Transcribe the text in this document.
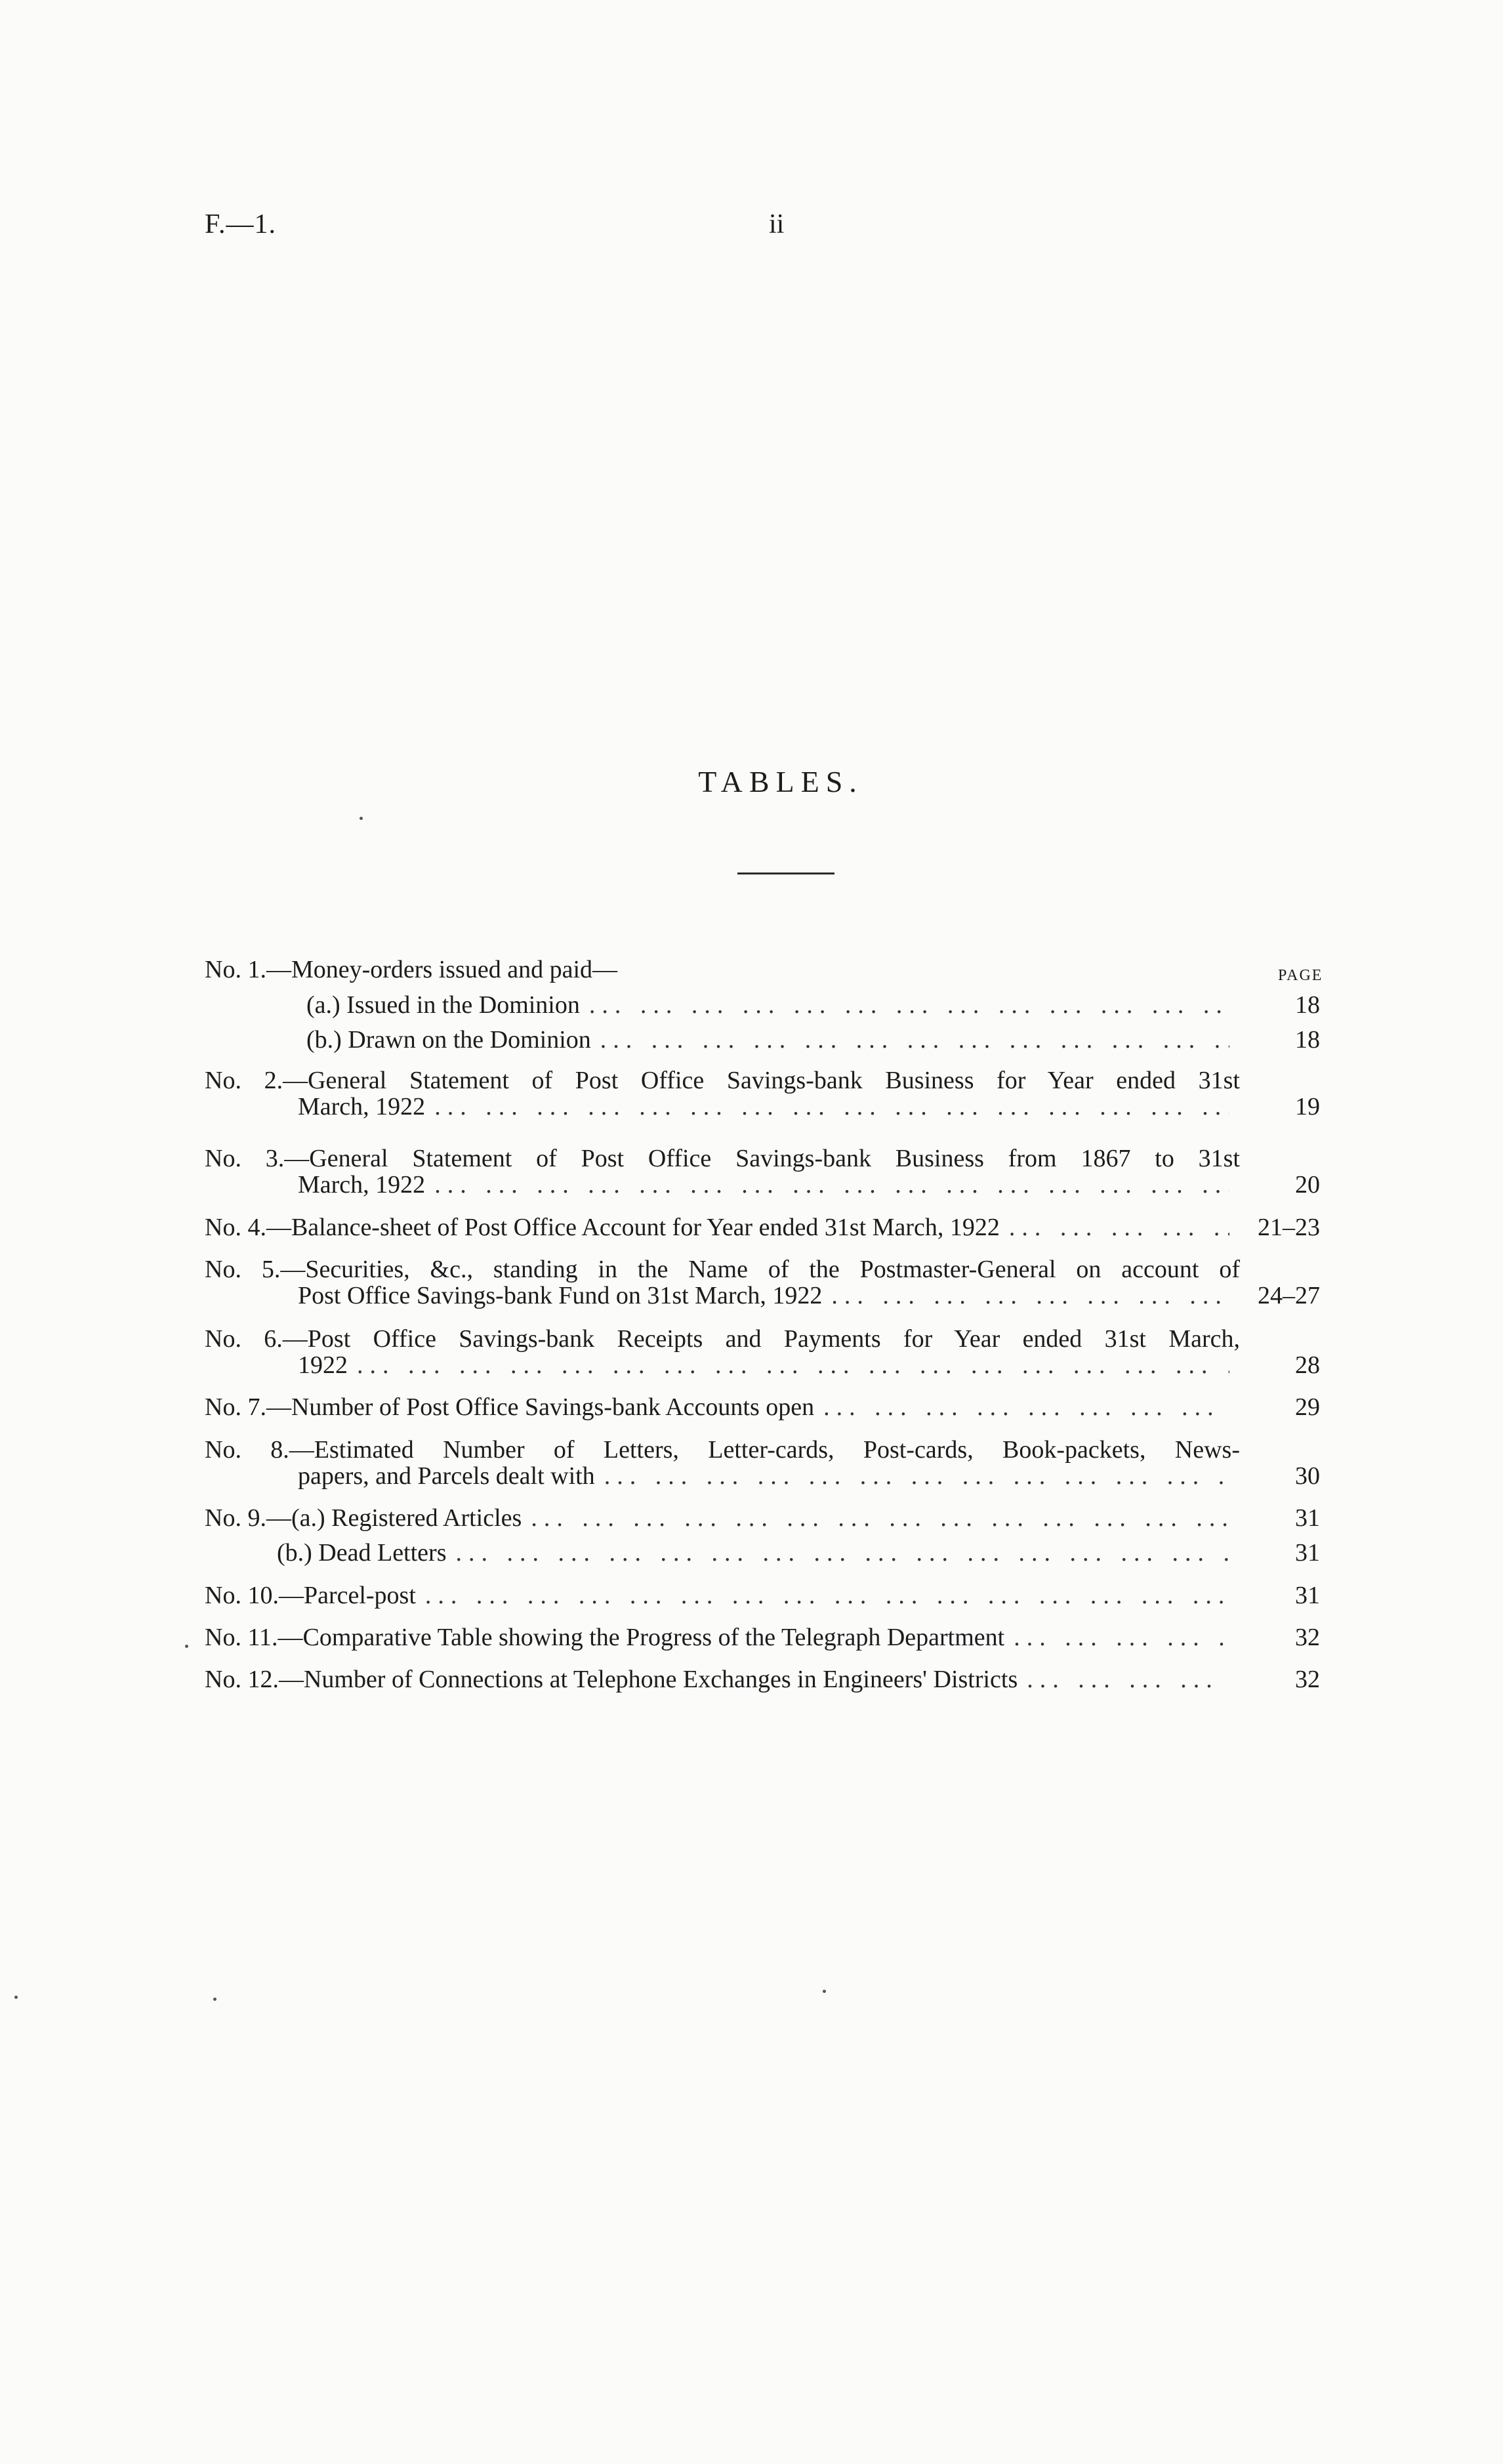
F.—1.	ii
TABLES.
PAGE
No. 1.—Money-orders issued and paid—
(a.) Issued in the Dominion ... .	18
(b.) Drawn on the Dominion ... .	18
No. 2.—General Statement of Post Office Savings-bank Business for Year ended 31st
March, 1922 ... .	19
No. 3.—General Statement of Post Office Savings-bank Business from 1867 to 31st
March, 1922 ... .	20
No. 4.—Balance-sheet of Post Office Account for Year ended 31st March, 1922 ... .	21–23
No. 5.—Securities, &c., standing in the Name of the Postmaster-General on account of
Post Office Savings-bank Fund on 31st March, 1922 ... .	24–27
No. 6.—Post Office Savings-bank Receipts and Payments for Year ended 31st March,
1922 ... .	28
No. 7.—Number of Post Office Savings-bank Accounts open ... .	29
No. 8.—Estimated Number of Letters, Letter-cards, Post-cards, Book-packets, News-
papers, and Parcels dealt with ... .	30
No. 9.—(a.) Registered Articles ... .	31
(b.) Dead Letters ... .	31
No. 10.—Parcel-post ... .	31
No. 11.—Comparative Table showing the Progress of the Telegraph Department ... .	32
No. 12.—Number of Connections at Telephone Exchanges in Engineers' Districts ... .	32
